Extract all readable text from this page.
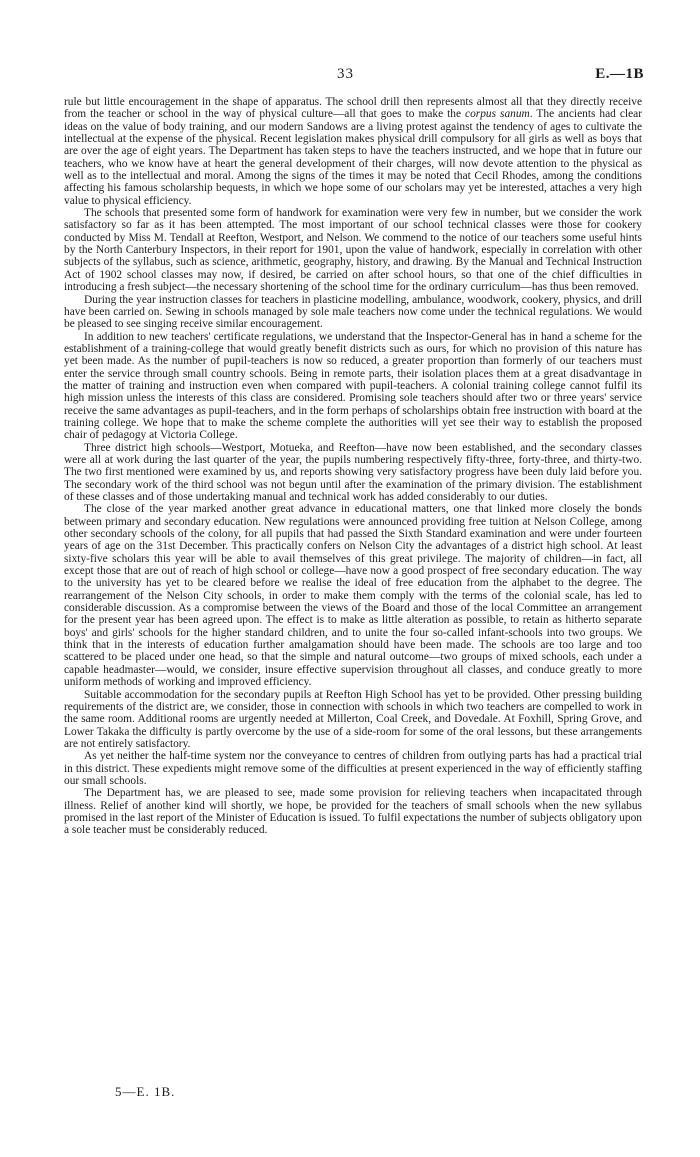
33	E.—1B

rule but little encouragement in the shape of apparatus. The school drill then represents almost all that they directly receive from the teacher or school in the way of physical culture—all that goes to make the corpus sanum. The ancients had clear ideas on the value of body training, and our modern Sandows are a living protest against the tendency of ages to cultivate the intellectual at the expense of the physical. Recent legislation makes physical drill compulsory for all girls as well as boys that are over the age of eight years. The Department has taken steps to have the teachers instructed, and we hope that in future our teachers, who we know have at heart the general development of their charges, will now devote attention to the physical as well as to the intellectual and moral. Among the signs of the times it may be noted that Cecil Rhodes, among the conditions affecting his famous scholarship bequests, in which we hope some of our scholars may yet be interested, attaches a very high value to physical efficiency.

The schools that presented some form of handwork for examination were very few in number, but we consider the work satisfactory so far as it has been attempted. The most important of our school technical classes were those for cookery conducted by Miss M. Tendall at Reefton, Westport, and Nelson. We commend to the notice of our teachers some useful hints by the North Canterbury Inspectors, in their report for 1901, upon the value of handwork, especially in correlation with other subjects of the syllabus, such as science, arithmetic, geography, history, and drawing. By the Manual and Technical Instruction Act of 1902 school classes may now, if desired, be carried on after school hours, so that one of the chief difficulties in introducing a fresh subject—the necessary shortening of the school time for the ordinary curriculum—has thus been removed.

During the year instruction classes for teachers in plasticine modelling, ambulance, woodwork, cookery, physics, and drill have been carried on. Sewing in schools managed by sole male teachers now come under the technical regulations. We would be pleased to see singing receive similar encouragement.

In addition to new teachers' certificate regulations, we understand that the Inspector-General has in hand a scheme for the establishment of a training-college that would greatly benefit districts such as ours, for which no provision of this nature has yet been made. As the number of pupil-teachers is now so reduced, a greater proportion than formerly of our teachers must enter the service through small country schools. Being in remote parts, their isolation places them at a great disadvantage in the matter of training and instruction even when compared with pupil-teachers. A colonial training college cannot fulfil its high mission unless the interests of this class are considered. Promising sole teachers should after two or three years' service receive the same advantages as pupil-teachers, and in the form perhaps of scholarships obtain free instruction with board at the training college. We hope that to make the scheme complete the authorities will yet see their way to establish the proposed chair of pedagogy at Victoria College.

Three district high schools—Westport, Motueka, and Reefton—have now been established, and the secondary classes were all at work during the last quarter of the year, the pupils numbering respectively fifty-three, forty-three, and thirty-two. The two first mentioned were examined by us, and reports showing very satisfactory progress have been duly laid before you. The secondary work of the third school was not begun until after the examination of the primary division. The establishment of these classes and of those undertaking manual and technical work has added considerably to our duties.

The close of the year marked another great advance in educational matters, one that linked more closely the bonds between primary and secondary education. New regulations were announced providing free tuition at Nelson College, among other secondary schools of the colony, for all pupils that had passed the Sixth Standard examination and were under fourteen years of age on the 31st December. This practically confers on Nelson City the advantages of a district high school. At least sixty-five scholars this year will be able to avail themselves of this great privilege. The majority of children—in fact, all except those that are out of reach of high school or college—have now a good prospect of free secondary education. The way to the university has yet to be cleared before we realise the ideal of free education from the alphabet to the degree. The rearrangement of the Nelson City schools, in order to make them comply with the terms of the colonial scale, has led to considerable discussion. As a compromise between the views of the Board and those of the local Committee an arrangement for the present year has been agreed upon. The effect is to make as little alteration as possible, to retain as hitherto separate boys' and girls' schools for the higher standard children, and to unite the four so-called infant-schools into two groups. We think that in the interests of education further amalgamation should have been made. The schools are too large and too scattered to be placed under one head, so that the simple and natural outcome—two groups of mixed schools, each under a capable headmaster—would, we consider, insure effective supervision throughout all classes, and conduce greatly to more uniform methods of working and improved efficiency.

Suitable accommodation for the secondary pupils at Reefton High School has yet to be provided. Other pressing building requirements of the district are, we consider, those in connection with schools in which two teachers are compelled to work in the same room. Additional rooms are urgently needed at Millerton, Coal Creek, and Dovedale. At Foxhill, Spring Grove, and Lower Takaka the difficulty is partly overcome by the use of a side-room for some of the oral lessons, but these arrangements are not entirely satisfactory.

As yet neither the half-time system nor the conveyance to centres of children from outlying parts has had a practical trial in this district. These expedients might remove some of the difficulties at present experienced in the way of efficiently staffing our small schools.

The Department has, we are pleased to see, made some provision for relieving teachers when incapacitated through illness. Relief of another kind will shortly, we hope, be provided for the teachers of small schools when the new syllabus promised in the last report of the Minister of Education is issued. To fulfil expectations the number of subjects obligatory upon a sole teacher must be considerably reduced.

5—E. 1B.
